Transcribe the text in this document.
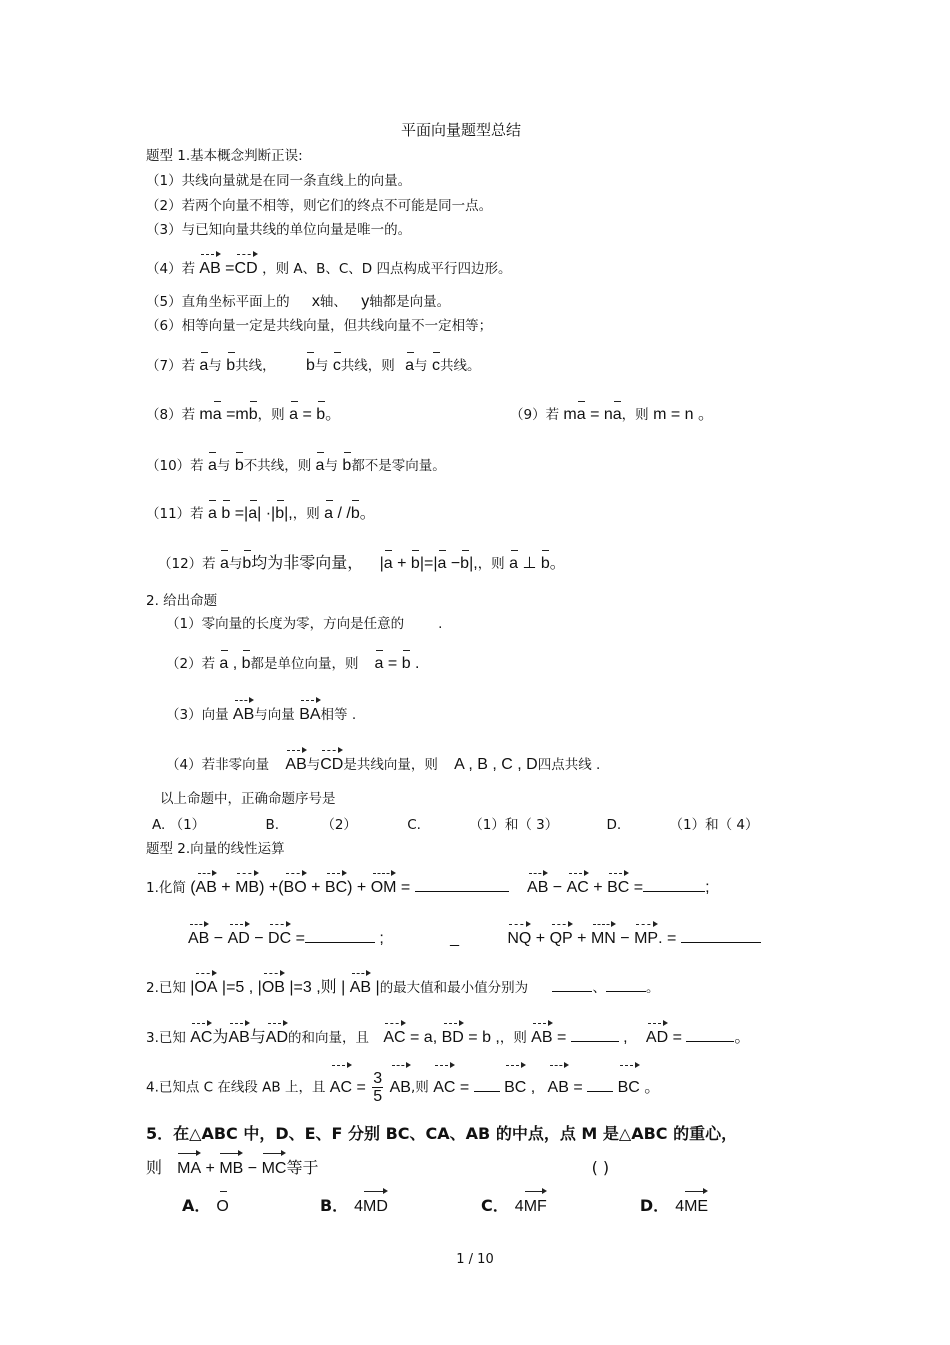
平面向量题型总结
题型 1.基本概念判断正误:
（1）共线向量就是在同一条直线上的向量。
（2）若两个向量不相等，则它们的终点不可能是同一点。
（3）与已知向量共线的单位向量是唯一的。
（4）若 AB =CD ，则 A、B、C、D 四点构成平行四边形。
（5）直角坐标平面上的 x轴、 y轴都是向量。
（6）相等向量一定是共线向量，但共线向量不一定相等；
（7）若 a与 b共线， b与 c共线，则 a与 c共线。
（8）若 ma =mb，则 a = b。	（9）若 ma = na，则 m = n 。
（10）若 a与 b不共线，则 a与 b都不是零向量。
（11）若 a b =|a| ·|b|,，则 a / /b。
（12）若 a与b均为非零向量， |a + b|=|a −b|,，则 a ⊥ b。
2. 给出命题
（1）零向量的长度为零，方向是任意的	.
（2）若 a , b都是单位向量，则 a = b .
（3）向量 AB与向量 BA相等 .
（4）若非零向量 AB与CD是共线向量，则 A , B , C , D四点共线 .
以上命题中，正确命题序号是
A. （1）	B.	（2）	C.	（1）和（ 3）	D.	（1）和（ 4）
题型 2.向量的线性运算
1.化简 (AB + MB) +(BO + BC) + OM =	AB − AC + BC =	;
AB − AD − DC =	;	_	NQ + QP + MN − MP. =
2.已知 |OA |=5 , |OB |=3 ,则 | AB |的最大值和最小值分别为	、	。
3.已知 AC为AB与AD的和向量，且 AC = a, BD = b ,，则 AB =	, AD =	。
4.已知点 C 在线段 AB 上，且 AC = $\frac{3}{5}$ AB,则 AC =  BC , AB =  BC 。
5．在△ABC 中，D、E、F 分别 BC、CA、AB 的中点，点 M 是△ABC 的重心，
则 MA + MB − MC等于	( )
A． O	B． 4MD	C． 4MF	D． 4ME
1 / 10
